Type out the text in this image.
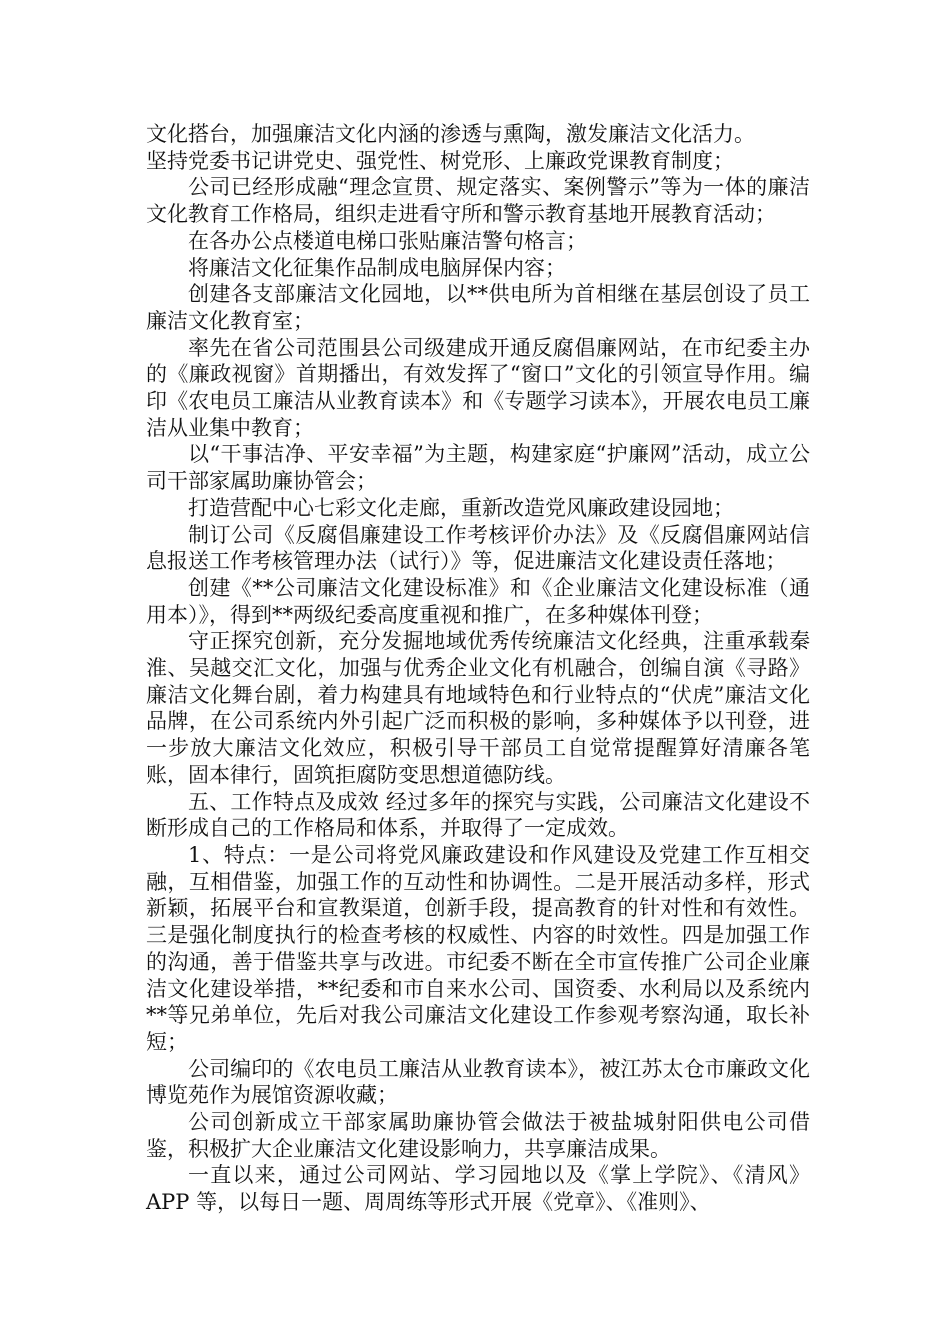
文化搭台，加强廉洁文化内涵的渗透与熏陶，激发廉洁文化活力。

坚持党委书记讲党史、强党性、树党形、上廉政党课教育制度；

公司已经形成融“理念宣贯、规定落实、案例警示”等为一体的廉洁文化教育工作格局，组织走进看守所和警示教育基地开展教育活动；

在各办公点楼道电梯口张贴廉洁警句格言；

将廉洁文化征集作品制成电脑屏保内容；

创建各支部廉洁文化园地，以**供电所为首相继在基层创设了员工廉洁文化教育室；

率先在省公司范围县公司级建成开通反腐倡廉网站，在市纪委主办的《廉政视窗》首期播出，有效发挥了“窗口”文化的引领宣导作用。编印《农电员工廉洁从业教育读本》和《专题学习读本》，开展农电员工廉洁从业集中教育；

以“干事洁净、平安幸福”为主题，构建家庭“护廉网”活动，成立公司干部家属助廉协管会；

打造营配中心七彩文化走廊，重新改造党风廉政建设园地；

制订公司《反腐倡廉建设工作考核评价办法》及《反腐倡廉网站信息报送工作考核管理办法（试行）》等，促进廉洁文化建设责任落地；

创建《**公司廉洁文化建设标准》和《企业廉洁文化建设标准（通用本）》，得到**两级纪委高度重视和推广，在多种媒体刊登；

守正探究创新，充分发掘地域优秀传统廉洁文化经典，注重承载秦淮、吴越交汇文化，加强与优秀企业文化有机融合，创编自演《寻路》廉洁文化舞台剧，着力构建具有地域特色和行业特点的“伏虎”廉洁文化品牌，在公司系统内外引起广泛而积极的影响，多种媒体予以刊登，进一步放大廉洁文化效应，积极引导干部员工自觉常提醒算好清廉各笔账，固本律行，固筑拒腐防变思想道德防线。

五、工作特点及成效 经过多年的探究与实践，公司廉洁文化建设不断形成自己的工作格局和体系，并取得了一定成效。

1、特点：一是公司将党风廉政建设和作风建设及党建工作互相交融，互相借鉴，加强工作的互动性和协调性。二是开展活动多样，形式新颖，拓展平台和宣教渠道，创新手段，提高教育的针对性和有效性。三是强化制度执行的检查考核的权威性、内容的时效性。四是加强工作的沟通，善于借鉴共享与改进。市纪委不断在全市宣传推广公司企业廉洁文化建设举措，**纪委和市自来水公司、国资委、水利局以及系统内**等兄弟单位，先后对我公司廉洁文化建设工作参观考察沟通，取长补短；

公司编印的《农电员工廉洁从业教育读本》，被江苏太仓市廉政文化博览苑作为展馆资源收藏；

公司创新成立干部家属助廉协管会做法于被盐城射阳供电公司借鉴，积极扩大企业廉洁文化建设影响力，共享廉洁成果。

一直以来，通过公司网站、学习园地以及《掌上学院》、《清风》APP 等，以每日一题、周周练等形式开展《党章》、《准则》、
